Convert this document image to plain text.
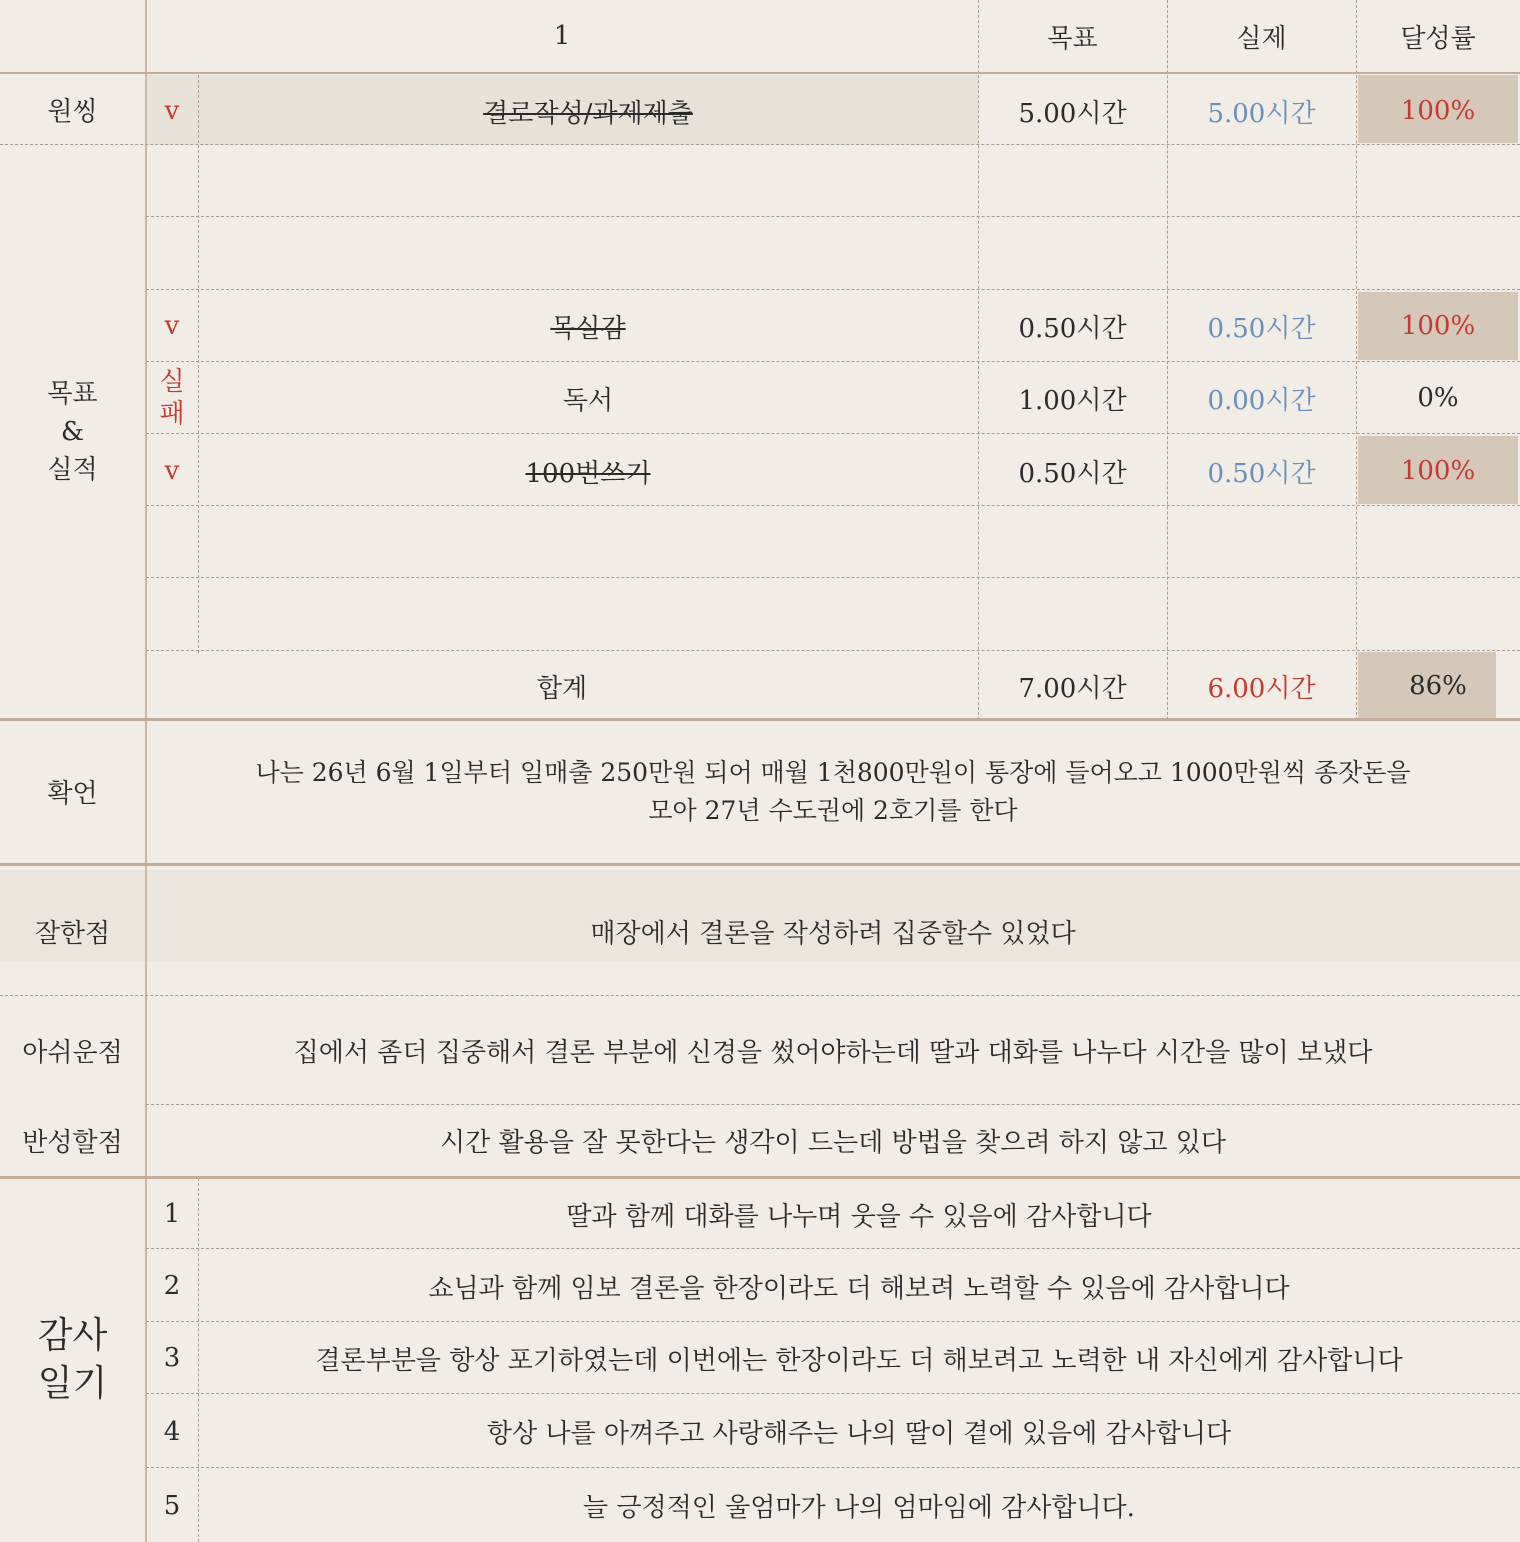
1	목표	실제	달성률
원씽	v	결로작성/과제제출	5.00시간	5.00시간	100%
목표
&
실적
v	목실감	0.50시간	0.50시간	100%
실
패	독서	1.00시간	0.00시간	0%
v	100번쓰기	0.50시간	0.50시간	100%
합계	7.00시간	6.00시간	86%
확언
나는 26년 6월 1일부터 일매출 250만원 되어 매월 1천800만원이 통장에 들어오고 1000만원씩 종잣돈을
모아 27년 수도권에 2호기를 한다
잘한점	매장에서 결론을 작성하려 집중할수 있었다
아쉬운점	집에서 좀더 집중해서 결론 부분에 신경을 썼어야하는데 딸과 대화를 나누다 시간을 많이 보냈다
반성할점	시간 활용을 잘 못한다는 생각이 드는데 방법을 찾으려 하지 않고 있다
감사
일기
1	딸과 함께 대화를 나누며 웃을 수 있음에 감사합니다
2	쇼님과 함께 임보 결론을 한장이라도 더 해보려 노력할 수 있음에 감사합니다
3	결론부분을 항상 포기하였는데 이번에는 한장이라도 더 해보려고 노력한 내 자신에게 감사합니다
4	항상 나를 아껴주고 사랑해주는 나의 딸이 곁에 있음에 감사합니다
5	늘 긍정적인 울엄마가 나의 엄마임에 감사합니다.
